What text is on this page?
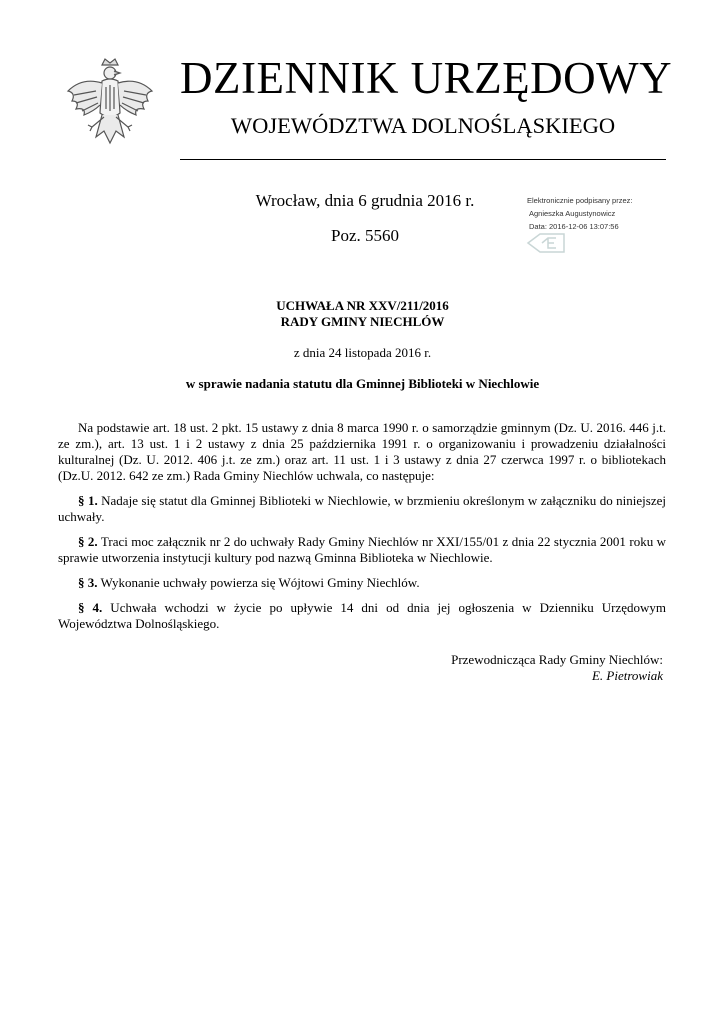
DZIENNIK URZĘDOWY
WOJEWÓDZTWA DOLNOŚLĄSKIEGO
Wrocław, dnia 6 grudnia 2016 r.
Poz. 5560
Elektronicznie podpisany przez:
Agnieszka Augustynowicz
Data: 2016-12-06 13:07:56
UCHWAŁA NR XXV/211/2016
RADY GMINY NIECHLÓW
z dnia 24 listopada 2016 r.
w sprawie nadania statutu dla Gminnej Biblioteki w Niechlowie

Na podstawie art. 18 ust. 2 pkt. 15 ustawy z dnia 8 marca 1990 r. o samorządzie gminnym (Dz. U. 2016. 446 j.t. ze zm.), art. 13 ust. 1 i 2 ustawy z dnia 25 października 1991 r. o organizowaniu i prowadzeniu działalności kulturalnej (Dz. U. 2012. 406 j.t. ze zm.) oraz art. 11 ust. 1 i 3 ustawy z dnia 27 czerwca 1997 r. o bibliotekach (Dz.U. 2012. 642 ze zm.) Rada Gminy Niechlów uchwala, co następuje:

§ 1. Nadaje się statut dla Gminnej Biblioteki w Niechlowie, w brzmieniu określonym w załączniku do niniejszej uchwały.

§ 2. Traci moc załącznik nr 2 do uchwały Rady Gminy Niechlów nr XXI/155/01 z dnia 22 stycznia 2001 roku w sprawie utworzenia instytucji kultury pod nazwą Gminna Biblioteka w Niechlowie.

§ 3. Wykonanie uchwały powierza się Wójtowi Gminy Niechlów.

§ 4. Uchwała wchodzi w życie po upływie 14 dni od dnia jej ogłoszenia w Dzienniku Urzędowym Województwa Dolnośląskiego.

Przewodnicząca Rady Gminy Niechlów:
E. Pietrowiak
